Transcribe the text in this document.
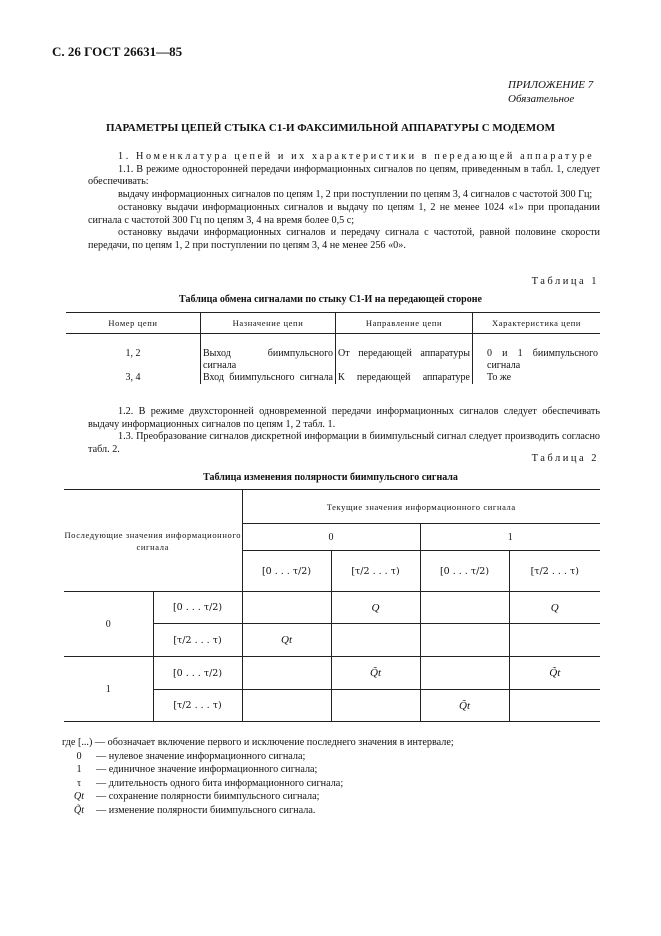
С. 26 ГОСТ 26631—85
ПРИЛОЖЕНИЕ 7
Обязательное
ПАРАМЕТРЫ ЦЕПЕЙ СТЫКА С1-И ФАКСИМИЛЬНОЙ АППАРАТУРЫ С МОДЕМОМ
1. Номенклатура цепей и их характеристики в передающей аппаратуре
1.1. В режиме односторонней передачи информационных сигналов по цепям, приведенным в табл. 1, следует обеспечивать:
выдачу информационных сигналов по цепям 1, 2 при поступлении по цепям 3, 4 сигналов с частотой 300 Гц;
остановку выдачи информационных сигналов и выдачу по цепям 1, 2 не менее 1024 «1» при пропадании сигнала с частотой 300 Гц по цепям 3, 4 на время более 0,5 с;
остановку выдачи информационных сигналов и передачу сигнала с частотой, равной половине скорости передачи, по цепям 1, 2 при поступлении по цепям 3, 4 не менее 256 «0».
Таблица 1
Таблица обмена сигналами по стыку С1-И на передающей стороне
Номер цепи	Назначение цепи	Направление цепи	Характеристика цепи
1, 2	Выход биимпульсного сигнала	От передающей аппаратуры	0 и 1 биимпульсного сигнала
3, 4	Вход биимпульсного сигнала	К передающей аппаратуре	То же
1.2. В режиме двухсторонней одновременной передачи информационных сигналов следует обеспечивать выдачу информационных сигналов по цепям 1, 2 табл. 1.
1.3. Преобразование сигналов дискретной информации в биимпульсный сигнал следует производить согласно табл. 2.
Таблица 2
Таблица изменения полярности биимпульсного сигнала
Последующие значения информационного сигнала		Текущие значения информационного сигнала			
		0		1	
		[0 . . . τ/2)	[τ/2 . . . τ)	[0 . . . τ/2)	[τ/2 . . . τ)
0	[0 . . . τ/2)		Q		Q
	[τ/2 . . . τ)	Qt			
1	[0 . . . τ/2)		Q̃t		Q̃t
	[τ/2 . . . τ)			Q̃t	
где [...) — обозначает включение первого и исключение последнего значения в интервале;
0 — нулевое значение информационного сигнала;
1 — единичное значение информационного сигнала;
τ — длительность одного бита информационного сигнала;
Qt — сохранение полярности биимпульсного сигнала;
Q̃t — изменение полярности биимпульсного сигнала.
